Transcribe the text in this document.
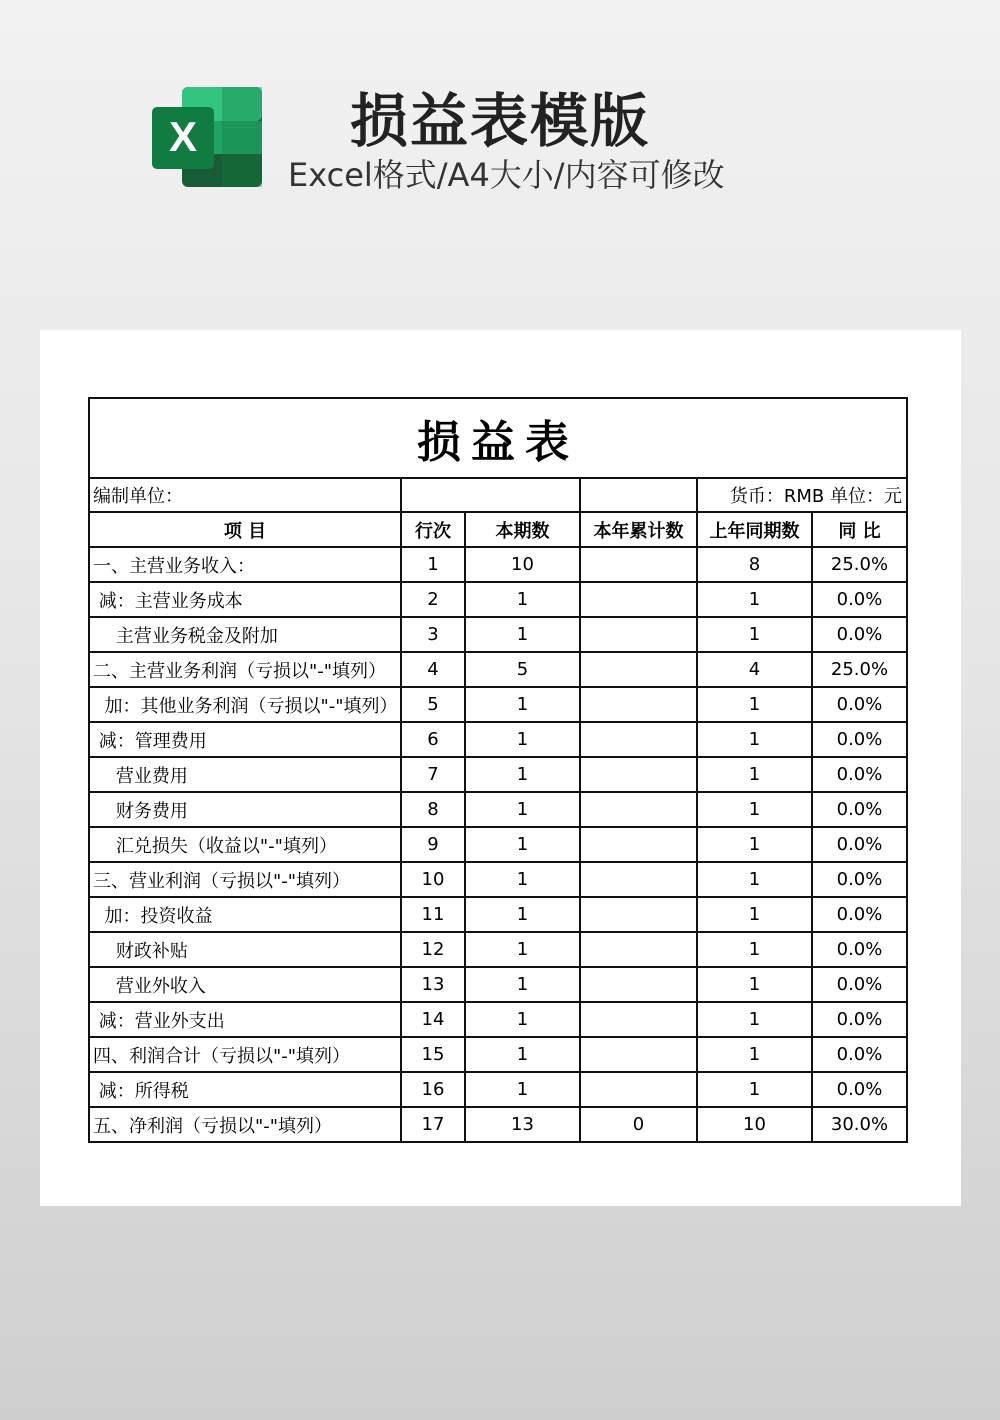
X	损益表模版
Excel格式/A4大小/内容可修改
损益表					
编制单位：				货币：RMB 单位：元	
项 目	行次	本期数	本年累计数	上年同期数	同 比
一、主营业务收入：	1	10		8	25.0%
减：主营业务成本	2	1		1	0.0%
主营业务税金及附加	3	1		1	0.0%
二、主营业务利润（亏损以"-"填列）	4	5		4	25.0%
加：其他业务利润（亏损以"-"填列）	5	1		1	0.0%
减：管理费用	6	1		1	0.0%
营业费用	7	1		1	0.0%
财务费用	8	1		1	0.0%
汇兑损失（收益以"-"填列）	9	1		1	0.0%
三、营业利润（亏损以"-"填列）	10	1		1	0.0%
加：投资收益	11	1		1	0.0%
财政补贴	12	1		1	0.0%
营业外收入	13	1		1	0.0%
减：营业外支出	14	1		1	0.0%
四、利润合计（亏损以"-"填列）	15	1		1	0.0%
减：所得税	16	1		1	0.0%
五、净利润（亏损以"-"填列）	17	13	0	10	30.0%
